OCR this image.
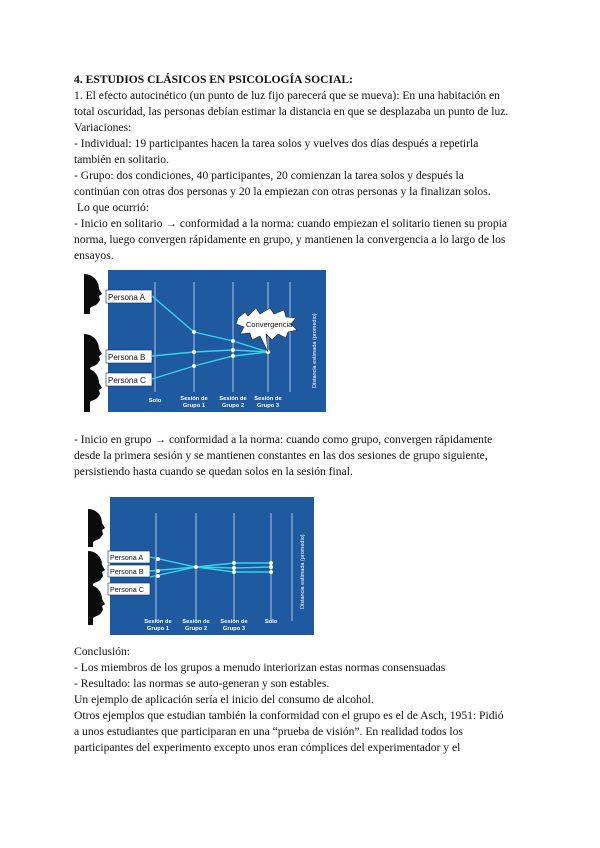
4. ESTUDIOS CLÁSICOS EN PSICOLOGÍA SOCIAL:
1. El efecto autocinético (un punto de luz fijo parecerá que se mueva): En una habitación en
total oscuridad, las personas debían estimar la distancia en que se desplazaba un punto de luz.
Variaciones:
- Individual: 19 participantes hacen la tarea solos y vuelves dos días después a repetirla
también en solitario.
- Grupo: dos condiciones, 40 participantes, 20 comienzan la tarea solos y después la
continúan con otras dos personas y 20 la empiezan con otras personas y la finalizan solos.
Lo que ocurrió:
- Inicio en solitario → conformidad a la norma: cuando empiezan el solitario tienen su propia
norma, luego convergen rápidamente en grupo, y mantienen la convergencia a lo largo de los
ensayos.
Persona A
Persona B
Persona C
Convergencia	Distancia estimada (promedio)
Solo	Sesión de
Grupo 1
Sesión de
Grupo 2
Sesión de
Grupo 3
- Inicio en grupo → conformidad a la norma: cuando como grupo, convergen rápidamente
desde la primera sesión y se mantienen constantes en las dos sesiones de grupo siguiente,
persistiendo hasta cuando se quedan solos en la sesión final.
Persona A
Persona B
Persona C	Distancia estimada (promedio)
Sesión de
Grupo 1
Sesión de
Grupo 2
Sesión de
Grupo 3
Solo
Conclusión:
- Los miembros de los grupos a menudo interiorizan estas normas consensuadas
- Resultado: las normas se auto-generan y son estables.
Un ejemplo de aplicación sería el inicio del consumo de alcohol.
Otros ejemplos que estudian también la conformidad con el grupo es el de Asch, 1951: Pidió
a unos estudiantes que participaran en una “prueba de visión”. En realidad todos los
participantes del experimento excepto unos eran cómplices del experimentador y el
